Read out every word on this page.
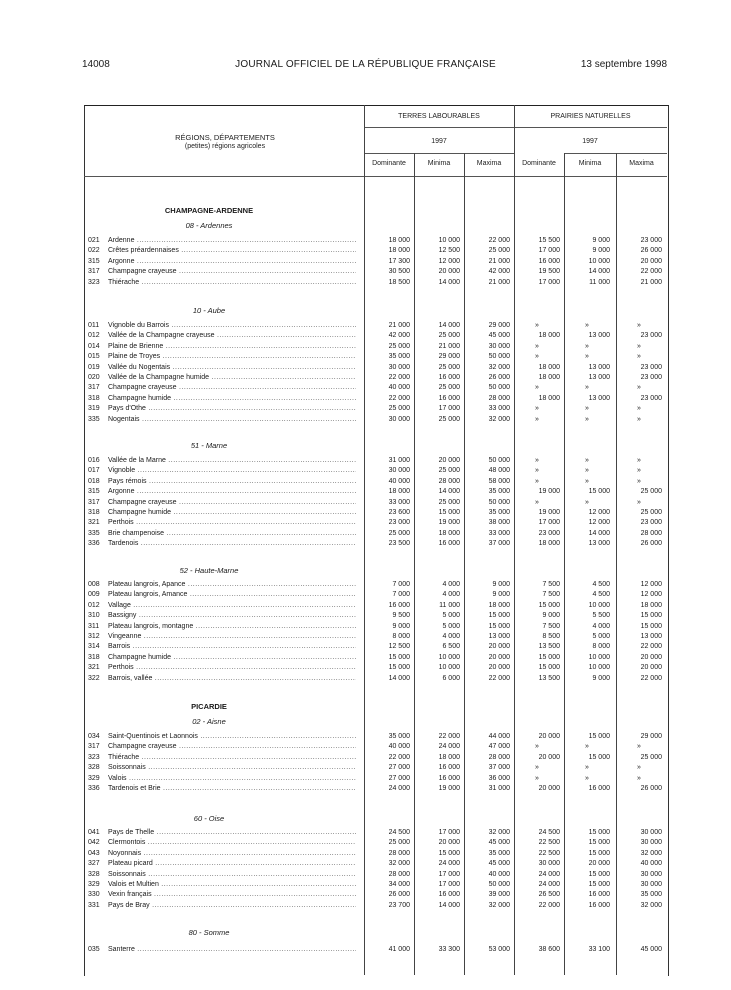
14008	JOURNAL OFFICIEL DE LA RÉPUBLIQUE FRANÇAISE	13 septembre 1998
RÉGIONS, DÉPARTEMENTS
(petites) régions agricoles
TERRES LABOURABLES	PRAIRIES NATURELLES
1997	1997
Dominante	Minima	Maxima	Dominante	Minima	Maxima
CHAMPAGNE-ARDENNE
08 - Ardennes
021 Ardenne .....	18 000	10 000	22 000	15 500	9 000	23 000
022 Crêtes préardennaises .....	18 000	12 500	25 000	17 000	9 000	26 000
315 Argonne .....	17 300	12 000	21 000	16 000	10 000	20 000
317 Champagne crayeuse .....	30 500	20 000	42 000	19 500	14 000	22 000
323 Thiérache .....	18 500	14 000	21 000	17 000	11 000	21 000
10 - Aube
011 Vignoble du Barrois .....	21 000	14 000	29 000	»	»	»
012 Vallée de la Champagne crayeuse .....	42 000	25 000	45 000	18 000	13 000	23 000
014 Plaine de Brienne .....	25 000	21 000	30 000	»	»	»
015 Plaine de Troyes .....	35 000	29 000	50 000	»	»	»
019 Vallée du Nogentais .....	30 000	25 000	32 000	18 000	13 000	23 000
020 Vallée de la Champagne humide .....	22 000	16 000	26 000	18 000	13 000	23 000
317 Champagne crayeuse .....	40 000	25 000	50 000	»	»	»
318 Champagne humide .....	22 000	16 000	28 000	18 000	13 000	23 000
319 Pays d'Othe .....	25 000	17 000	33 000	»	»	»
335 Nogentais .....	30 000	25 000	32 000	»	»	»
51 - Marne
016 Vallée de la Marne .....	31 000	20 000	50 000	»	»	»
017 Vignoble .....	30 000	25 000	48 000	»	»	»
018 Pays rémois .....	40 000	28 000	58 000	»	»	»
315 Argonne .....	18 000	14 000	35 000	19 000	15 000	25 000
317 Champagne crayeuse .....	33 000	25 000	50 000	»	»	»
318 Champagne humide .....	23 600	15 000	35 000	19 000	12 000	25 000
321 Perthois .....	23 000	19 000	38 000	17 000	12 000	23 000
335 Brie champenoise .....	25 000	18 000	33 000	23 000	14 000	28 000
336 Tardenois .....	23 500	16 000	37 000	18 000	13 000	26 000
52 - Haute-Marne
008 Plateau langrois, Apance .....	7 000	4 000	9 000	7 500	4 500	12 000
009 Plateau langrois, Amance .....	7 000	4 000	9 000	7 500	4 500	12 000
012 Vallage .....	16 000	11 000	18 000	15 000	10 000	18 000
310 Bassigny .....	9 500	5 000	15 000	9 000	5 500	15 000
311 Plateau langrois, montagne .....	9 000	5 000	15 000	7 500	4 000	15 000
312 Vingeanne .....	8 000	4 000	13 000	8 500	5 000	13 000
314 Barrois .....	12 500	6 500	20 000	13 500	8 000	22 000
318 Champagne humide .....	15 000	10 000	20 000	15 000	10 000	20 000
321 Perthois .....	15 000	10 000	20 000	15 000	10 000	20 000
322 Barrois, vallée .....	14 000	6 000	22 000	13 500	9 000	22 000
PICARDIE
02 - Aisne
034 Saint-Quentinois et Laonnois .....	35 000	22 000	44 000	20 000	15 000	29 000
317 Champagne crayeuse .....	40 000	24 000	47 000	»	»	»
323 Thiérache .....	22 000	18 000	28 000	20 000	15 000	25 000
328 Soissonnais .....	27 000	16 000	37 000	»	»	»
329 Valois .....	27 000	16 000	36 000	»	»	»
336 Tardenois et Brie .....	24 000	19 000	31 000	20 000	16 000	26 000
60 - Oise
041 Pays de Thelle .....	24 500	17 000	32 000	24 500	15 000	30 000
042 Clermontois .....	25 000	20 000	45 000	22 500	15 000	30 000
043 Noyonnais .....	28 000	15 000	35 000	22 500	15 000	32 000
327 Plateau picard .....	32 000	24 000	45 000	30 000	20 000	40 000
328 Soissonnais .....	28 000	17 000	40 000	24 000	15 000	30 000
329 Valois et Multien .....	34 000	17 000	50 000	24 000	15 000	30 000
330 Vexin français .....	26 000	16 000	39 000	26 500	16 000	35 000
331 Pays de Bray .....	23 700	14 000	32 000	22 000	16 000	32 000
80 - Somme
035 Santerre .....	41 000	33 300	53 000	38 600	33 100	45 000
